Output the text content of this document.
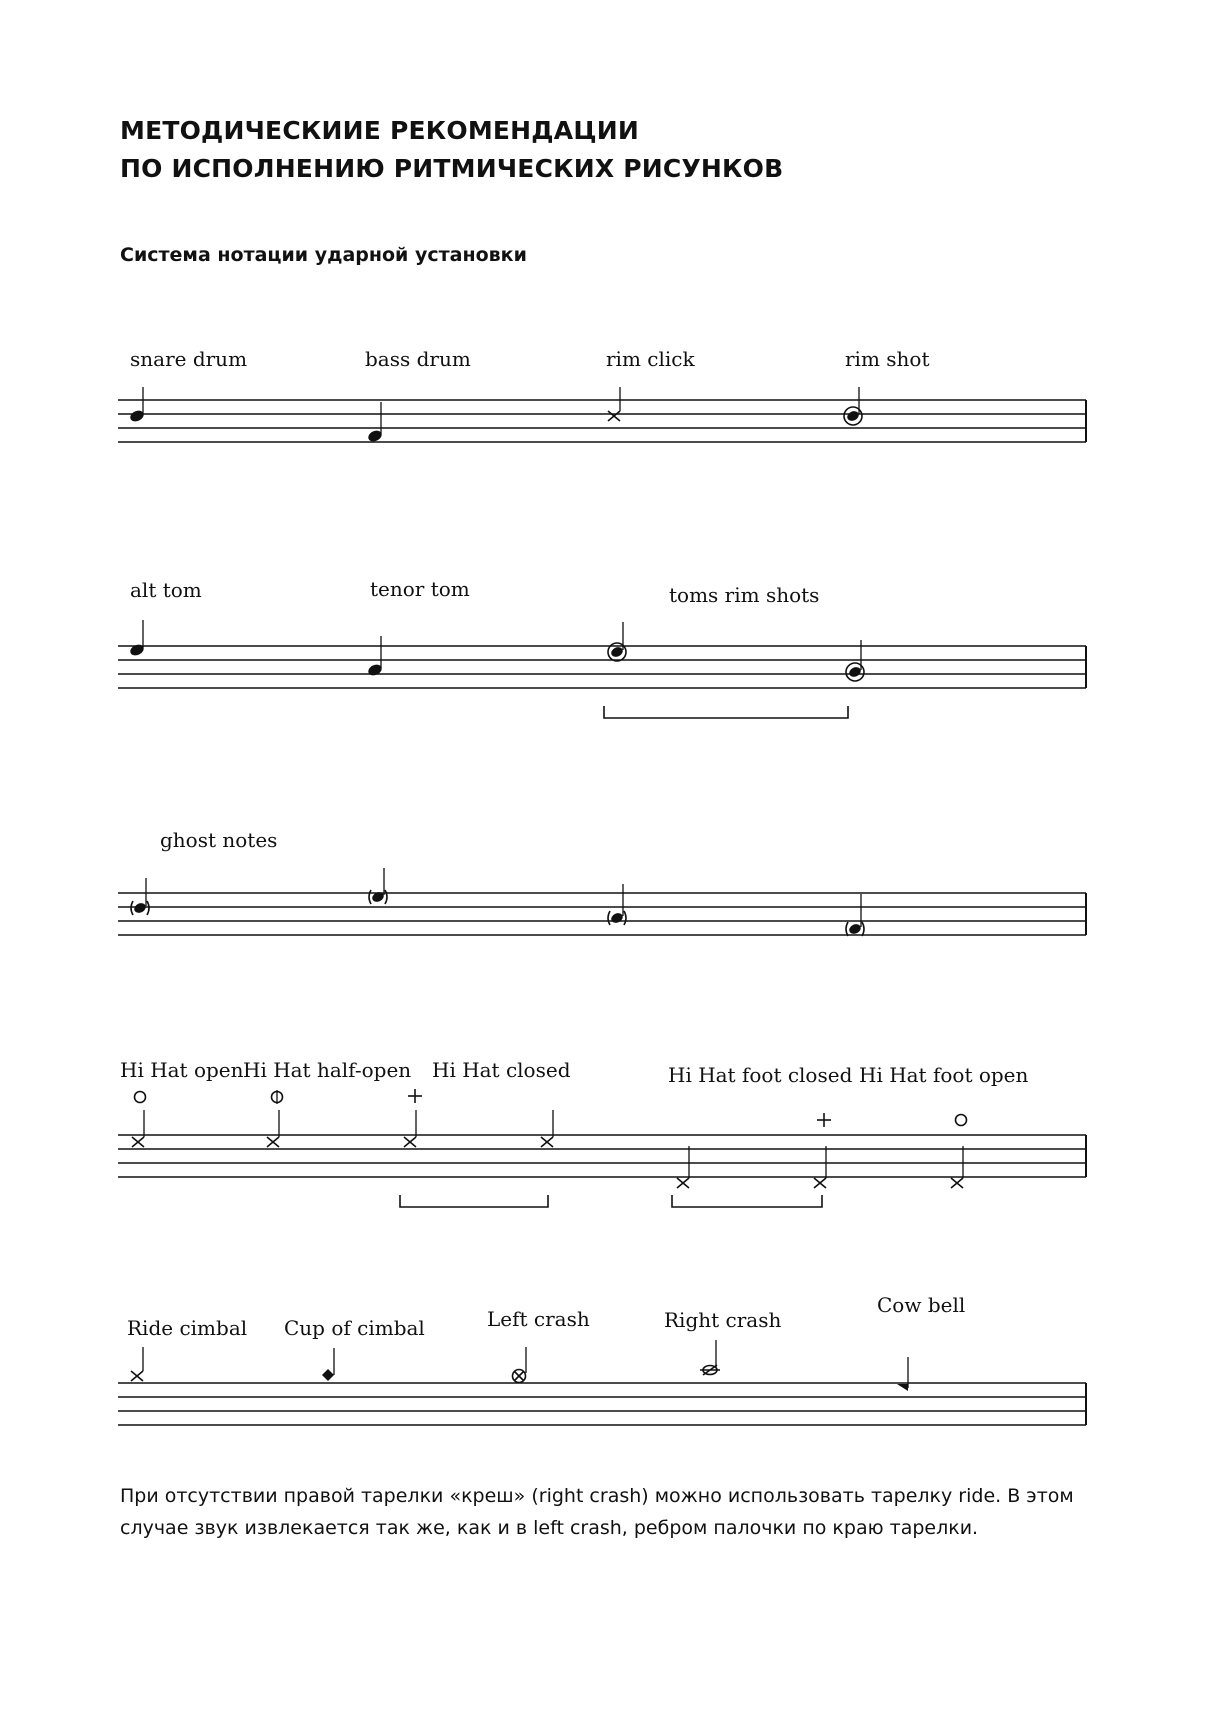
МЕТОДИЧЕСКИИЕ РЕКОМЕНДАЦИИ
ПО ИСПОЛНЕНИЮ РИТМИЧЕСКИХ РИСУНКОВ
Система нотации ударной установки
snare drum	bass drum	rim click	rim shot
alt tom	tenor tom	toms rim shots
ghost notes
Hi Hat open Hi Hat half-open Hi Hat closed	Hi Hat foot closed Hi Hat foot open
Ride cimbal Cup of cimbal	Left crash	Right crash
Cow bell

При отсутствии правой тарелки «креш» (right crash) можно использовать тарелку ride. В этом случае звук извлекается так же, как и в left crash, ребром палочки по краю тарелки.
